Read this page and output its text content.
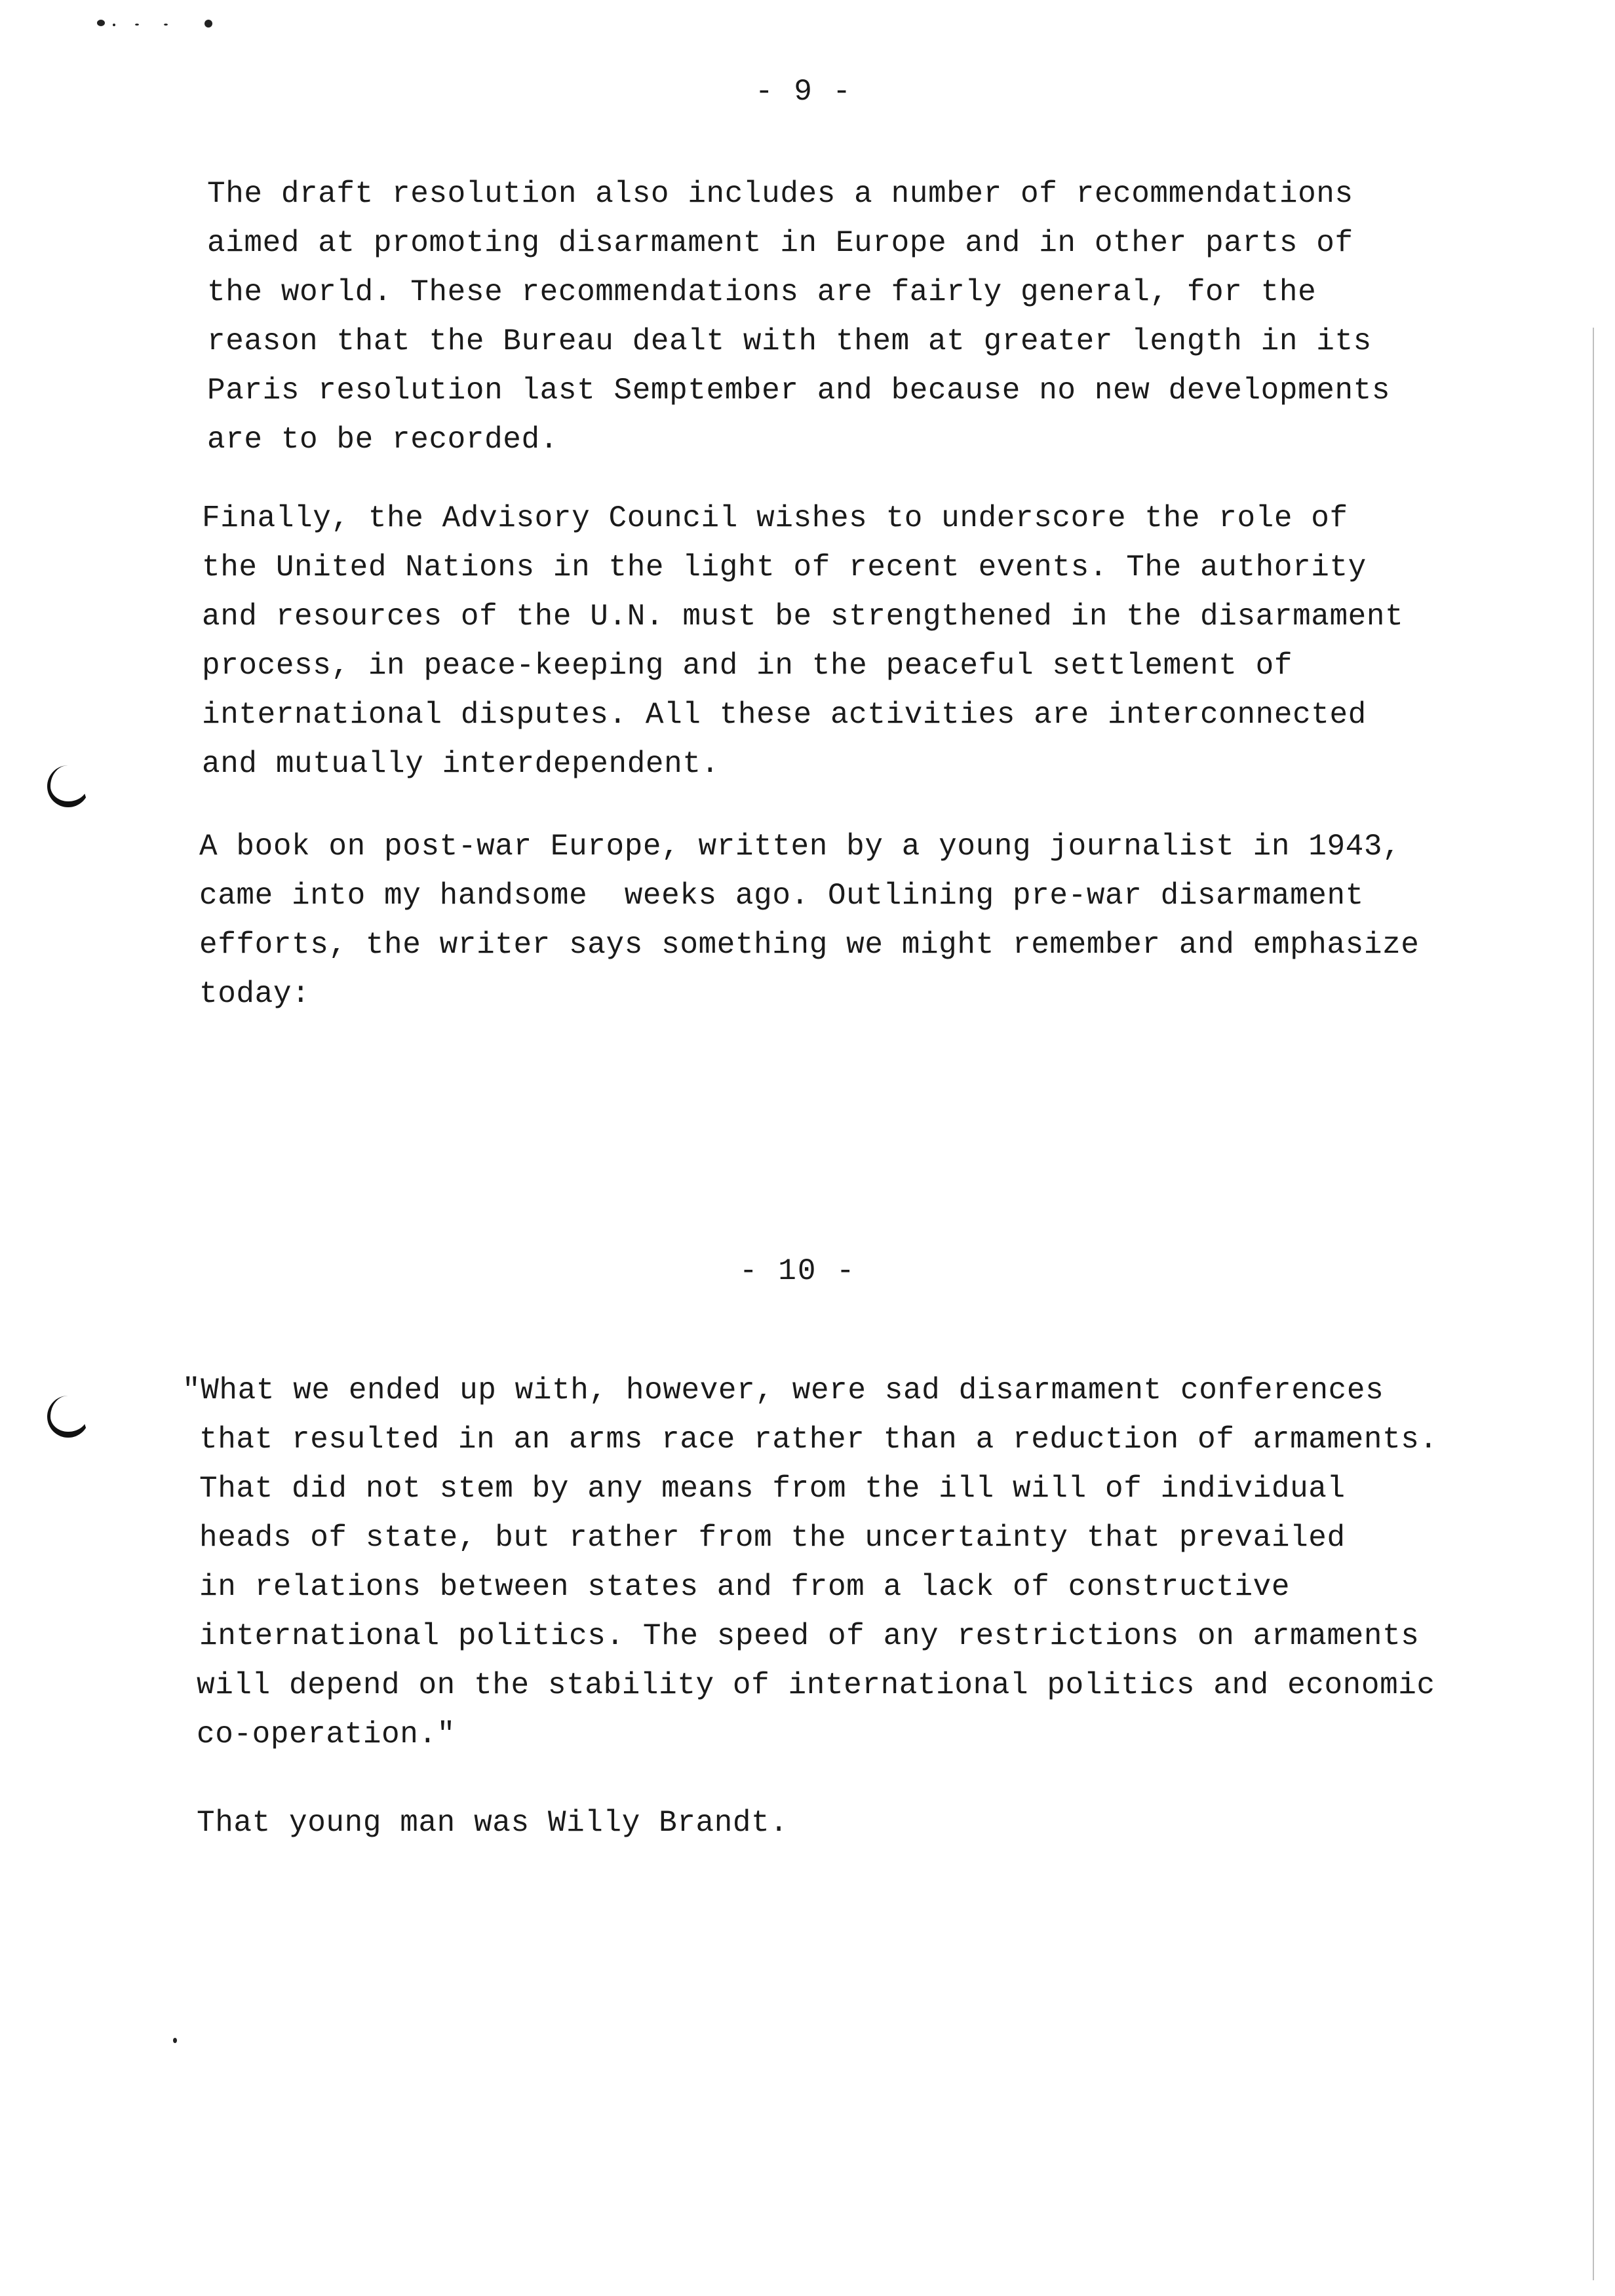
- 9 -
The draft resolution also includes a number of recommendations
aimed at promoting disarmament in Europe and in other parts of
the world. These recommendations are fairly general, for the
reason that the Bureau dealt with them at greater length in its
Paris resolution last Semptember and because no new developments
are to be recorded.
Finally, the Advisory Council wishes to underscore the role of
the United Nations in the light of recent events. The authority
and resources of the U.N. must be strengthened in the disarmament
process, in peace-keeping and in the peaceful settlement of
international disputes. All these activities are interconnected
and mutually interdependent.
A book on post-war Europe, written by a young journalist in 1943,
came into my handsome  weeks ago. Outlining pre-war disarmament
efforts, the writer says something we might remember and emphasize
today:
- 10 -
"What we ended up with, however, were sad disarmament conferences
that resulted in an arms race rather than a reduction of armaments.
That did not stem by any means from the ill will of individual
heads of state, but rather from the uncertainty that prevailed
in relations between states and from a lack of constructive
international politics. The speed of any restrictions on armaments
will depend on the stability of international politics and economic
co-operation."
That young man was Willy Brandt.
